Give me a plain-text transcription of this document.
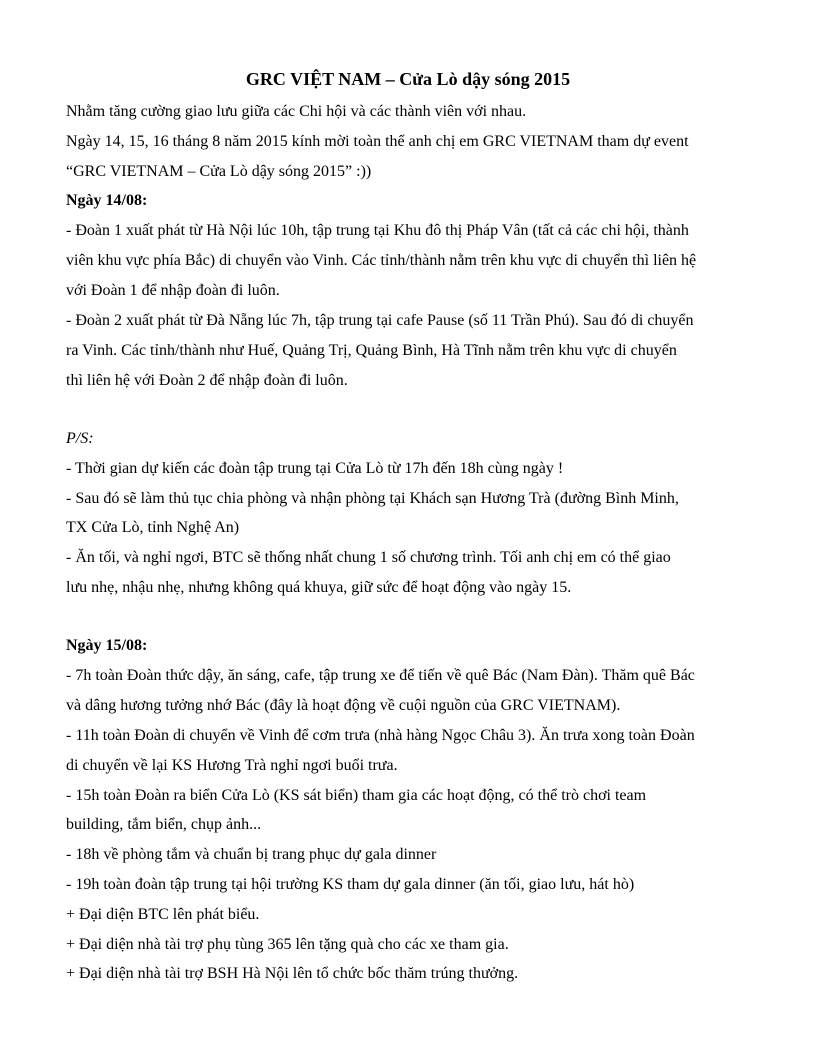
GRC VIỆT NAM – Cửa Lò dậy sóng 2015
Nhằm tăng cường giao lưu giữa các Chi hội và các thành viên với nhau.
Ngày 14, 15, 16 tháng 8 năm 2015 kính mời toàn thể anh chị em GRC VIETNAM tham dự event
“GRC VIETNAM – Cửa Lò dậy sóng 2015” :))
Ngày 14/08:
- Đoàn 1 xuất phát từ Hà Nội lúc 10h, tập trung tại Khu đô thị Pháp Vân (tất cả các chi hội, thành
viên khu vực phía Bắc) di chuyển vào Vinh. Các tỉnh/thành nằm trên khu vực di chuyển thì liên hệ
với Đoàn 1 để nhập đoàn đi luôn.
- Đoàn 2 xuất phát từ Đà Nẵng lúc 7h, tập trung tại cafe Pause (số 11 Trần Phú). Sau đó di chuyển
ra Vinh. Các tỉnh/thành như Huế, Quảng Trị, Quảng Bình, Hà Tĩnh nằm trên khu vực di chuyển
thì liên hệ với Đoàn 2 để nhập đoàn đi luôn.
P/S:
- Thời gian dự kiến các đoàn tập trung tại Cửa Lò từ 17h đến 18h cùng ngày !
- Sau đó sẽ làm thủ tục chia phòng và nhận phòng tại Khách sạn Hương Trà (đường Bình Minh,
TX Cửa Lò, tỉnh Nghệ An)
- Ăn tối, và nghỉ ngơi, BTC sẽ thống nhất chung 1 số chương trình. Tối anh chị em có thể giao
lưu nhẹ, nhậu nhẹ, nhưng không quá khuya, giữ sức để hoạt động vào ngày 15.
Ngày 15/08:
- 7h toàn Đoàn thức dậy, ăn sáng, cafe, tập trung xe để tiến về quê Bác (Nam Đàn). Thăm quê Bác
và dâng hương tưởng nhớ Bác (đây là hoạt động về cuội nguồn của GRC VIETNAM).
- 11h toàn Đoàn di chuyển về Vinh để cơm trưa (nhà hàng Ngọc Châu 3). Ăn trưa xong toàn Đoàn
di chuyển về lại KS Hương Trà nghỉ ngơi buổi trưa.
- 15h toàn Đoàn ra biển Cửa Lò (KS sát biển) tham gia các hoạt động, có thể trò chơi team
building, tắm biển, chụp ảnh...
- 18h về phòng tắm và chuẩn bị trang phục dự gala dinner
- 19h toàn đoàn tập trung tại hội trường KS tham dự gala dinner (ăn tối, giao lưu, hát hò)
+ Đại diện BTC lên phát biểu.
+ Đại diện nhà tài trợ phụ tùng 365 lên tặng quà cho các xe tham gia.
+ Đại diện nhà tài trợ BSH Hà Nội lên tổ chức bốc thăm trúng thưởng.
